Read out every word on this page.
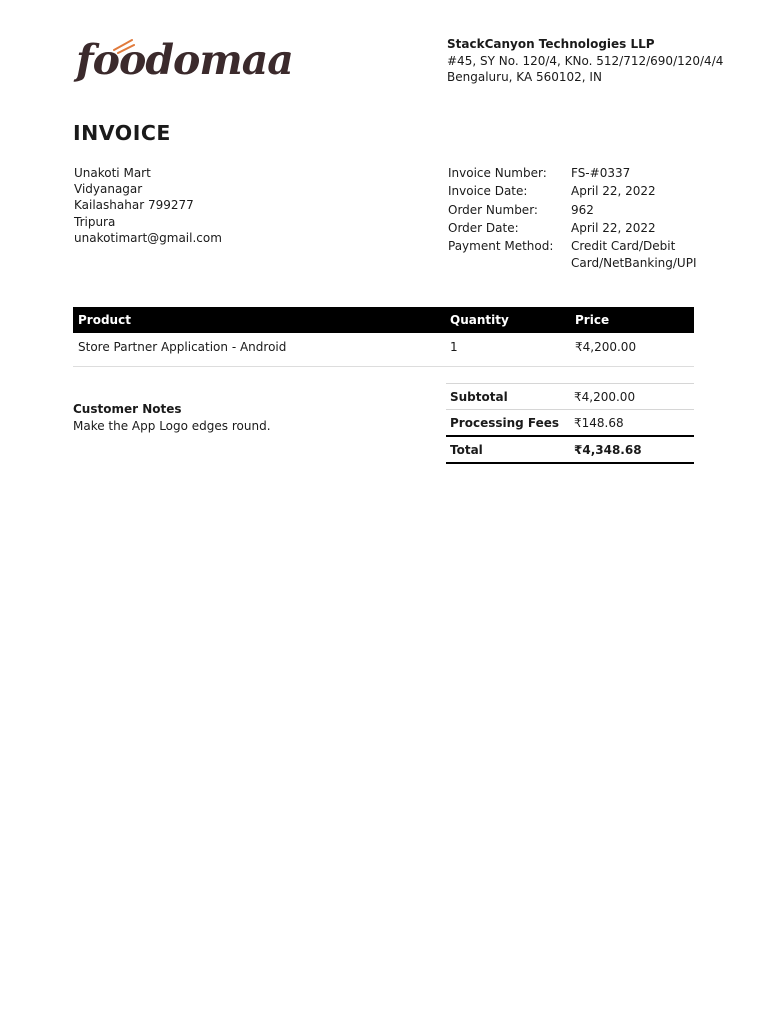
foodomaa	StackCanyon Technologies LLP
#45, SY No. 120/4, KNo. 512/712/690/120/4/4
Bengaluru, KA 560102, IN
INVOICE
Unakoti Mart
Vidyanagar
Kailashahar 799277
Tripura
unakotimart@gmail.com
Invoice Number:	FS-#0337
Invoice Date:	April 22, 2022
Order Number:	962
Order Date:	April 22, 2022
Payment Method:	Credit Card/Debit Card/NetBanking/UPI
Product	Quantity	Price
Store Partner Application - Android	1	₹4,200.00
Customer Notes
Make the App Logo edges round.
Subtotal	₹4,200.00
Processing Fees ₹148.68
Total	₹4,348.68
